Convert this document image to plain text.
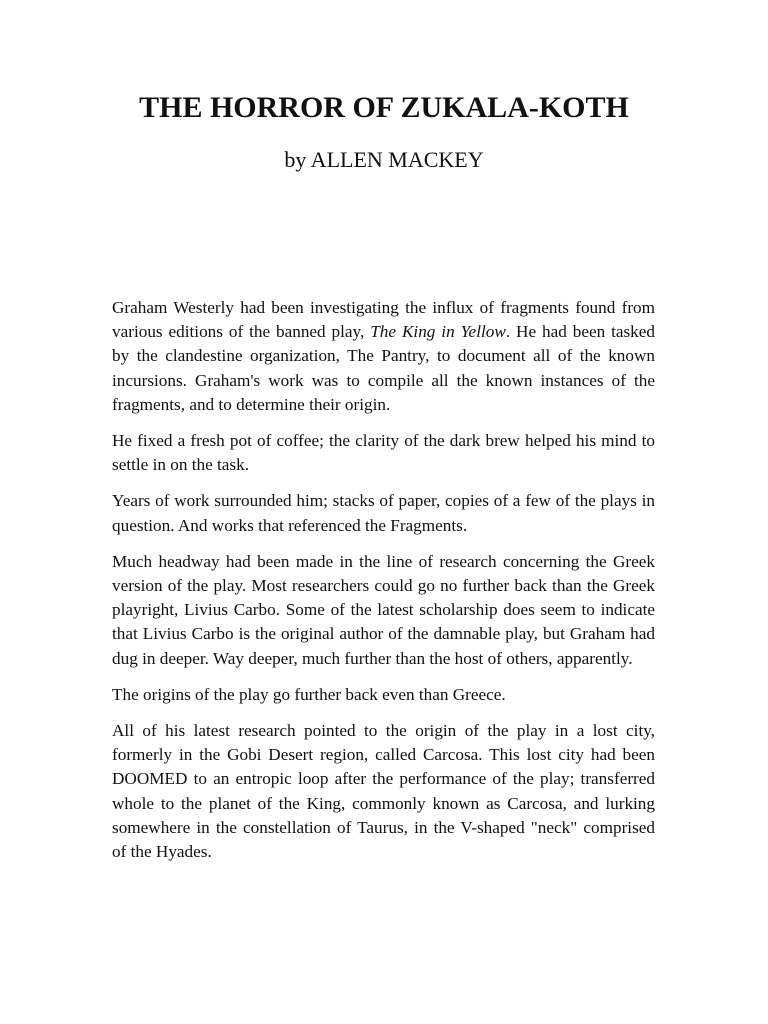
THE HORROR OF ZUKALA-KOTH
by ALLEN MACKEY

Graham Westerly had been investigating the influx of fragments found from various editions of the banned play, The King in Yellow. He had been tasked by the clandestine organization, The Pantry, to document all of the known incursions. Graham's work was to compile all the known instances of the fragments, and to determine their origin.

He fixed a fresh pot of coffee; the clarity of the dark brew helped his mind to settle in on the task.

Years of work surrounded him; stacks of paper, copies of a few of the plays in question. And works that referenced the Fragments.

Much headway had been made in the line of research concerning the Greek version of the play. Most researchers could go no further back than the Greek playright, Livius Carbo. Some of the latest scholarship does seem to indicate that Livius Carbo is the original author of the damnable play, but Graham had dug in deeper. Way deeper, much further than the host of others, apparently.

The origins of the play go further back even than Greece.

All of his latest research pointed to the origin of the play in a lost city, formerly in the Gobi Desert region, called Carcosa. This lost city had been DOOMED to an entropic loop after the performance of the play; transferred whole to the planet of the King, commonly known as Carcosa, and lurking somewhere in the constellation of Taurus, in the V-shaped "neck" comprised of the Hyades.
